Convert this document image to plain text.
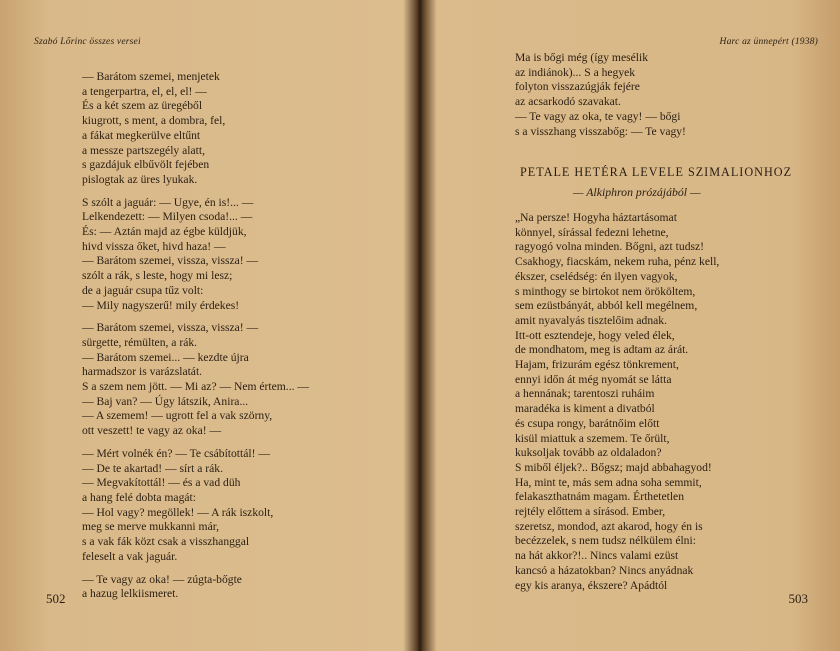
Szabó Lőrinc összes versei
— Barátom szemei, menjetek
a tengerpartra, el, el, el! —
És a két szem az üregéből
kiugrott, s ment, a dombra, fel,
a fákat megkerülve eltűnt
a messze partszegély alatt,
s gazdájuk elbűvölt fejében
pislogtak az üres lyukak.
S szólt a jaguár: — Ugye, én is!... —
Lelkendezett: — Milyen csoda!... —
És: — Aztán majd az égbe küldjük,
hivd vissza őket, hivd haza! —
— Barátom szemei, vissza, vissza! —
szólt a rák, s leste, hogy mi lesz;
de a jaguár csupa tűz volt:
— Mily nagyszerű! mily érdekes!
— Barátom szemei, vissza, vissza! —
sürgette, rémülten, a rák.
— Barátom szemei... — kezdte újra
harmadszor is varázslatát.
S a szem nem jött. — Mi az? — Nem értem... —
— Baj van? — Úgy látszik, Anira...
— A szemem! — ugrott fel a vak szörny,
ott veszett! te vagy az oka! —
— Mért volnék én? — Te csábítottál! —
— De te akartad! — sírt a rák.
— Megvakítottál! — és a vad düh
a hang felé dobta magát:
— Hol vagy? megöllek! — A rák iszkolt,
meg se merve mukkanni már,
s a vak fák közt csak a visszhanggal
feleselt a vak jaguár.
— Te vagy az oka! — zúgta-bőgte
a hazug lelkiismeret.
502
Harc az ünnepért (1938)
Ma is bőgi még (így mesélik
az indiánok)... S a hegyek
folyton visszazúgják fejére
az acsarkodó szavakat.
— Te vagy az oka, te vagy! — bőgi
s a visszhang visszabőg: — Te vagy!
PETALE HETÉRA LEVELE SZIMALIONHOZ
— Alkiphron prózájából —
„Na persze! Hogyha háztartásomat
könnyel, sírással fedezni lehetne,
ragyogó volna minden. Bőgni, azt tudsz!
Csakhogy, fiacskám, nekem ruha, pénz kell,
ékszer, cselédség: én ilyen vagyok,
s minthogy se birtokot nem örököltem,
sem ezüstbányát, abból kell megélnem,
amit nyavalyás tisztelőim adnak.
Itt-ott esztendeje, hogy veled élek,
de mondhatom, meg is adtam az árát.
Hajam, frizurám egész tönkrement,
ennyi időn át még nyomát se látta
a hennának; tarentoszi ruháim
maradéka is kiment a divatból
és csupa rongy, barátnőim előtt
kisül miattuk a szemem. Te őrült,
kuksoljak tovább az oldaladon?
S miből éljek?.. Bőgsz; majd abbahagyod!
Ha, mint te, más sem adna soha semmit,
felakaszthatnám magam. Érthetetlen
rejtély előttem a sírásod. Ember,
szeretsz, mondod, azt akarod, hogy én is
becézzelek, s nem tudsz nélkülem élni:
na hát akkor?!.. Nincs valami ezüst
kancsó a házatokban? Nincs anyádnak
egy kis aranya, ékszere? Apádtól
503
